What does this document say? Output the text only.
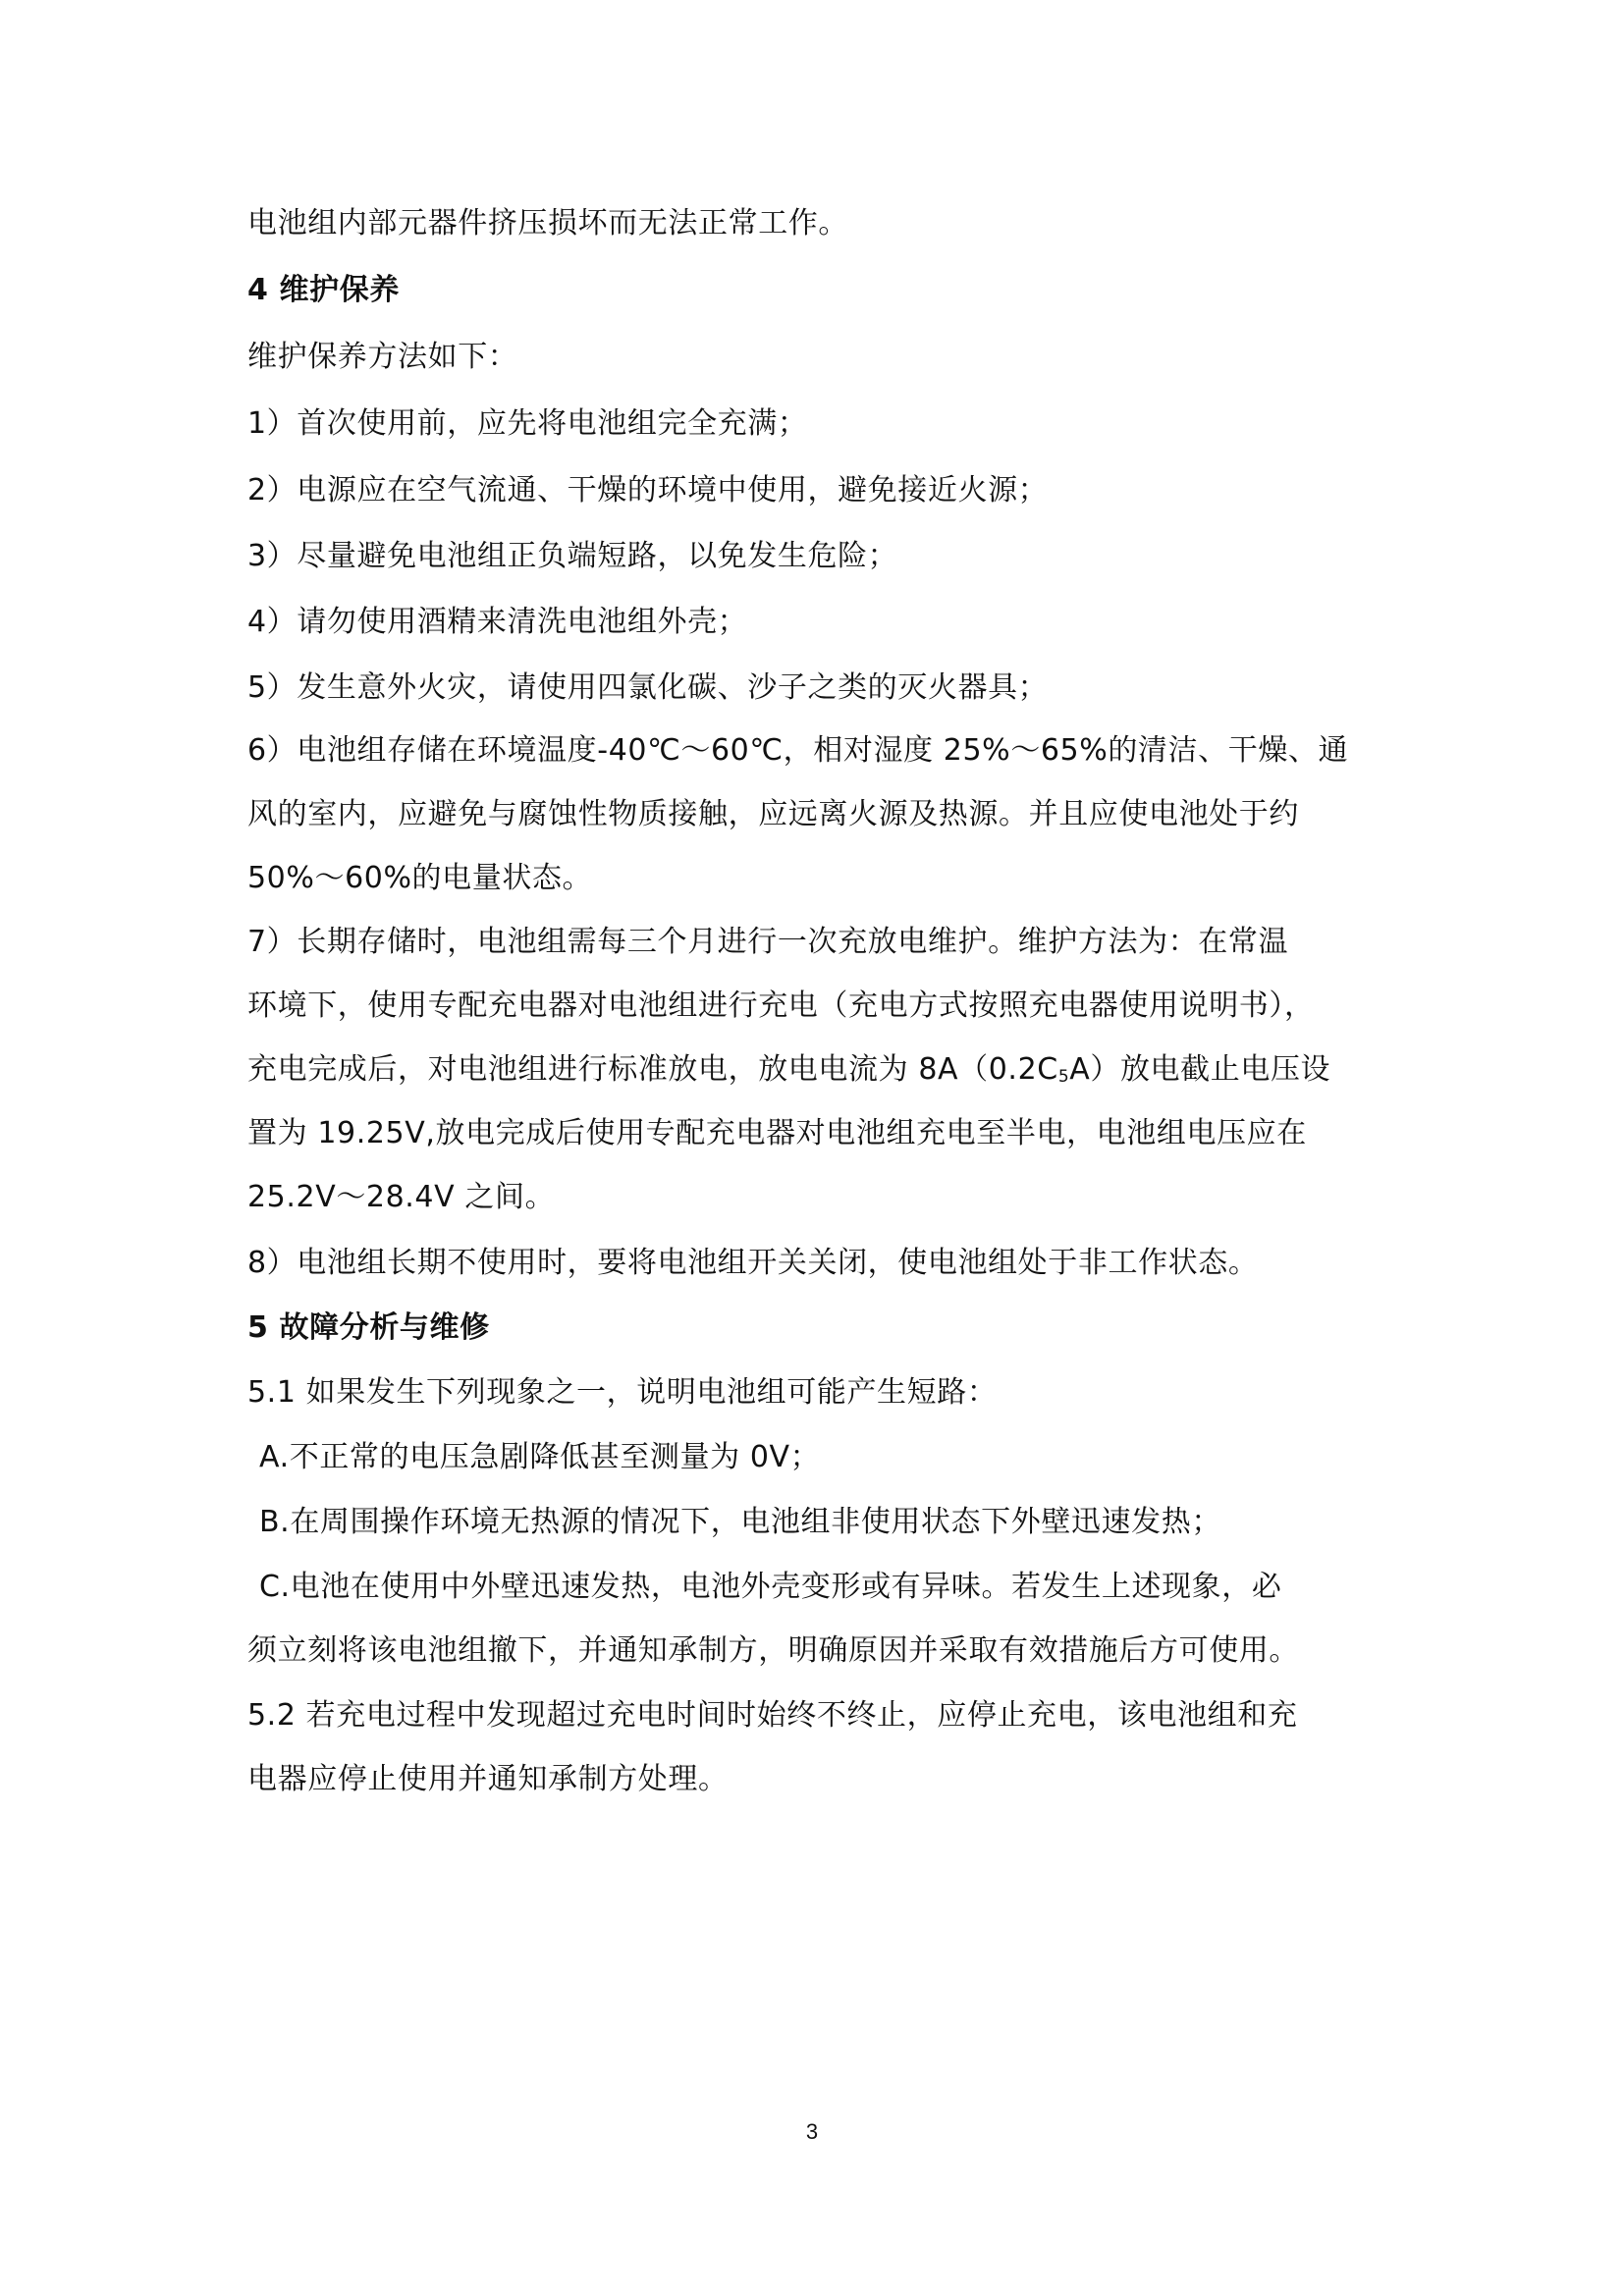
电池组内部元器件挤压损坏而无法正常工作。
4 维护保养
维护保养方法如下：
1）首次使用前，应先将电池组完全充满；
2）电源应在空气流通、干燥的环境中使用，避免接近火源；
3）尽量避免电池组正负端短路，以免发生危险；
4）请勿使用酒精来清洗电池组外壳；
5）发生意外火灾，请使用四氯化碳、沙子之类的灭火器具；
6）电池组存储在环境温度-40℃～60℃，相对湿度 25%～65%的清洁、干燥、通
风的室内，应避免与腐蚀性物质接触，应远离火源及热源。并且应使电池处于约
50%～60%的电量状态。
7）长期存储时，电池组需每三个月进行一次充放电维护。维护方法为：在常温
环境下，使用专配充电器对电池组进行充电（充电方式按照充电器使用说明书），
充电完成后，对电池组进行标准放电，放电电流为 $8A(0.2C_5A)$放电截止电压设
置为 19.25V,放电完成后使用专配充电器对电池组充电至半电，电池组电压应在
25.2V～28.4V 之间。
8）电池组长期不使用时，要将电池组开关关闭，使电池组处于非工作状态。
5 故障分析与维修
5.1 如果发生下列现象之一，说明电池组可能产生短路：
A.不正常的电压急剧降低甚至测量为 0V；
B.在周围操作环境无热源的情况下，电池组非使用状态下外壁迅速发热；
C.电池在使用中外壁迅速发热，电池外壳变形或有异味。若发生上述现象，必
须立刻将该电池组撤下，并通知承制方，明确原因并采取有效措施后方可使用。
5.2 若充电过程中发现超过充电时间时始终不终止，应停止充电，该电池组和充
电器应停止使用并通知承制方处理。
3
